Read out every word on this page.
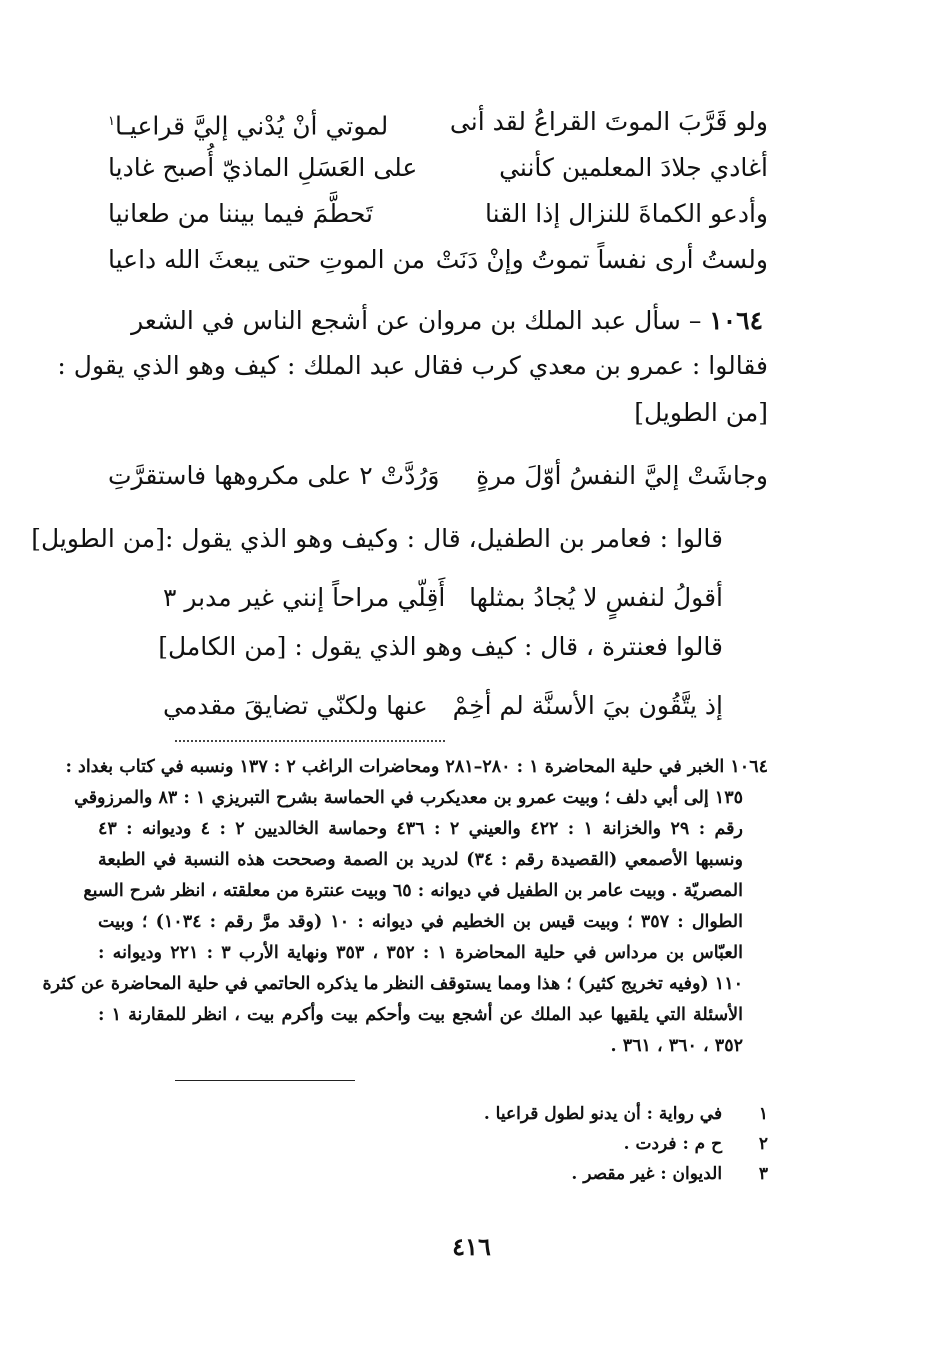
ولو قَرَّبَ الموتَ القراعُ لقد أنى
لموتي أنْ يُدْني إليَّ قراعيـا$^١$
أغادي جلادَ المعلمين كأنني
على العَسَلِ الماذيّ أُصبح غاديا
وأدعو الكماةَ للنزال إذا القنا
تَحطَّمَ فيما بيننا من طعانيا
ولستُ أرى نفساً تموتُ وإنْ دَنَتْ
من الموتِ حتى يبعثَ الله داعيا
١٠٦٤ – سأل عبد الملك بن مروان عن أشجع الناس في الشعر
فقالوا : عمرو بن معدي كرب فقال عبد الملك : كيف وهو الذي يقول :
[من الطويل]
وجاشَتْ إليَّ النفسُ أوّلَ مرةٍ
وَرُدَّتْ ٢ على مكروهها فاستقرَّتِ
قالوا : فعامر بن الطفيل، قال : وكيف وهو الذي يقول :[من الطويل]
أقولُ لنفسٍ لا يُجادُ بمثلها
أَقِلّي مراحاً إنني غير مدبر ٣
قالوا فعنترة ، قال : كيف وهو الذي يقول : [من الكامل]
إذ يتَّقُون بيَ الأسنَّة لم أخِمْ
عنها ولكنّي تضايقَ مقدمي
١٠٦٤ الخبر في حلية المحاضرة ١ : ٢٨٠–٢٨١ ومحاضرات الراغب ٢ : ١٣٧ ونسبه في كتاب بغداد :
١٣٥ إلى أبي دلف ؛ وبيت عمرو بن معديكرب في الحماسة بشرح التبريزي ١ : ٨٣ والمرزوقي
رقم : ٢٩ والخزانة ١ : ٤٢٢ والعيني ٢ : ٤٣٦ وحماسة الخالديين ٢ : ٤ وديوانه : ٤٣
ونسبها الأصمعي (القصيدة رقم : ٣٤) لدريد بن الصمة وصححت هذه النسبة في الطبعة
المصريّة . وبيت عامر بن الطفيل في ديوانه : ٦٥ وبيت عنترة من معلقته ، انظر شرح السبع
الطوال : ٣٥٧ ؛ وبيت قيس بن الخطيم في ديوانه : ١٠ (وقد مرَّ رقم : ١٠٣٤) ؛ وبيت
العبّاس بن مرداس في حلية المحاضرة ١ : ٣٥٢ ، ٣٥٣ ونهاية الأرب ٣ : ٢٢١ وديوانه :
١١٠ (وفيه تخريج كثير) ؛ هذا ومما يستوقف النظر ما يذكره الحاتمي في حلية المحاضرة عن كثرة
الأسئلة التي يلقيها عبد الملك عن أشجع بيت وأحكم بيت وأكرم بيت ، انظر للمقارنة ١ :
٣٥٢ ، ٣٦٠ ، ٣٦١ .
١ في رواية : أن يدنو لطول قراعيا .
٢ ح م : فردت .
٣ الديوان : غير مقصر .
٤١٦
